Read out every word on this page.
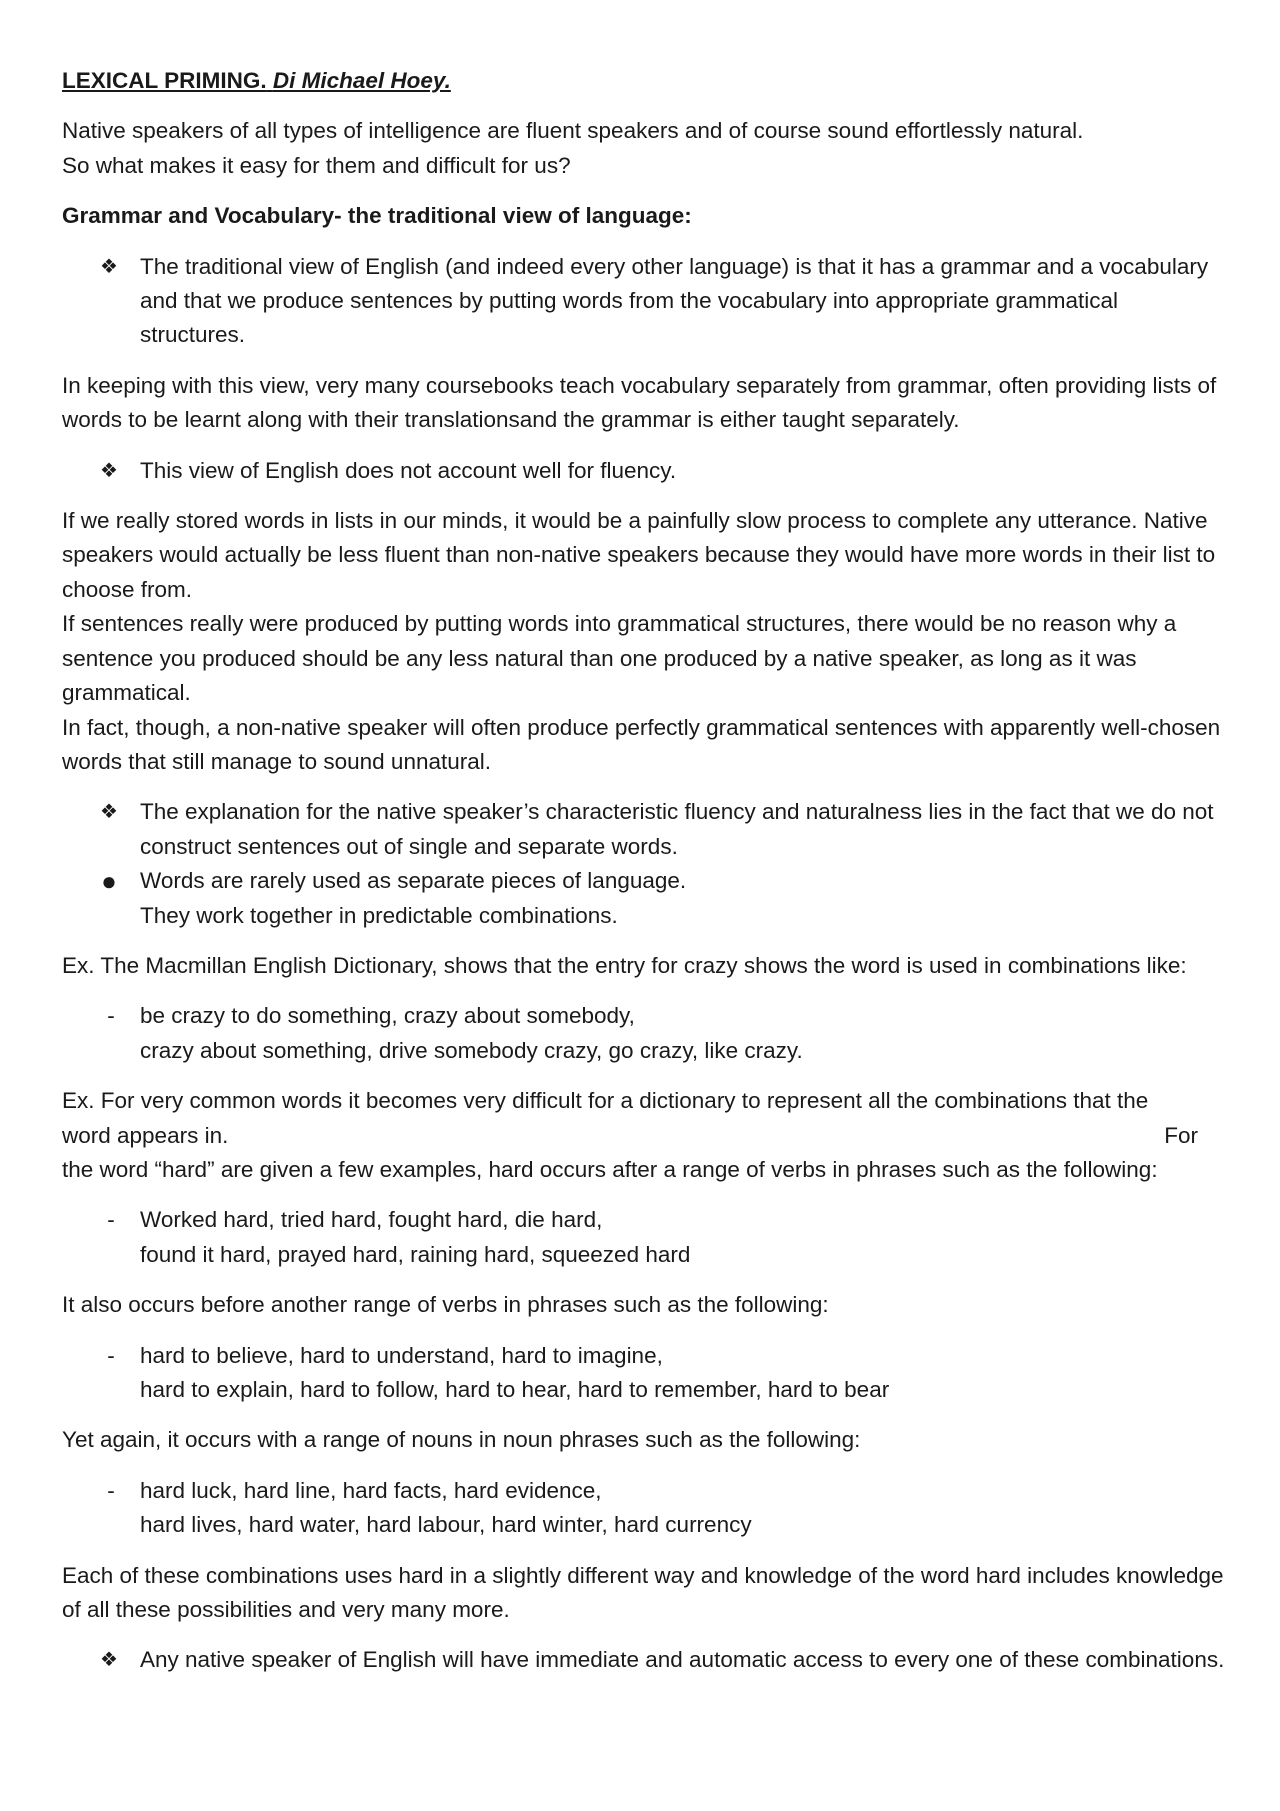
LEXICAL PRIMING. Di Michael Hoey.

Native speakers of all types of intelligence are fluent speakers and of course sound effortlessly natural.

So what makes it easy for them and difficult for us?

Grammar and Vocabulary- the traditional view of language:

❖ The traditional view of English (and indeed every other language) is that it has a grammar and a vocabulary and that we produce sentences by putting words from the vocabulary into appropriate grammatical structures.

In keeping with this view, very many coursebooks teach vocabulary separately from grammar, often providing lists of words to be learnt along with their translationsand the grammar is either taught separately.

❖ This view of English does not account well for fluency.

If we really stored words in lists in our minds, it would be a painfully slow process to complete any utterance. Native speakers would actually be less fluent than non-native speakers because they would have more words in their list to choose from.

If sentences really were produced by putting words into grammatical structures, there would be no reason why a sentence you produced should be any less natural than one produced by a native speaker, as long as it was grammatical.

In fact, though, a non-native speaker will often produce perfectly grammatical sentences with apparently well-chosen words that still manage to sound unnatural.

❖ The explanation for the native speaker’s characteristic fluency and naturalness lies in the fact that we do not construct sentences out of single and separate words.
● Words are rarely used as separate pieces of language.
They work together in predictable combinations.

Ex. The Macmillan English Dictionary, shows that the entry for crazy shows the word is used in combinations like:

-	be crazy to do something, crazy about somebody,
crazy about something, drive somebody crazy, go crazy, like crazy.

Ex. For very common words it becomes very difficult for a dictionary to represent all the combinations that the

word appears in.	For

the word “hard” are given a few examples, hard occurs after a range of verbs in phrases such as the following:

-	Worked hard, tried hard, fought hard, die hard,
found it hard, prayed hard, raining hard, squeezed hard

It also occurs before another range of verbs in phrases such as the following:

-	hard to believe, hard to understand, hard to imagine,
hard to explain, hard to follow, hard to hear, hard to remember, hard to bear

Yet again, it occurs with a range of nouns in noun phrases such as the following:

-	hard luck, hard line, hard facts, hard evidence,
hard lives, hard water, hard labour, hard winter, hard currency

Each of these combinations uses hard in a slightly different way and knowledge of the word hard includes knowledge of all these possibilities and very many more.

❖ Any native speaker of English will have immediate and automatic access to every one of these combinations.
